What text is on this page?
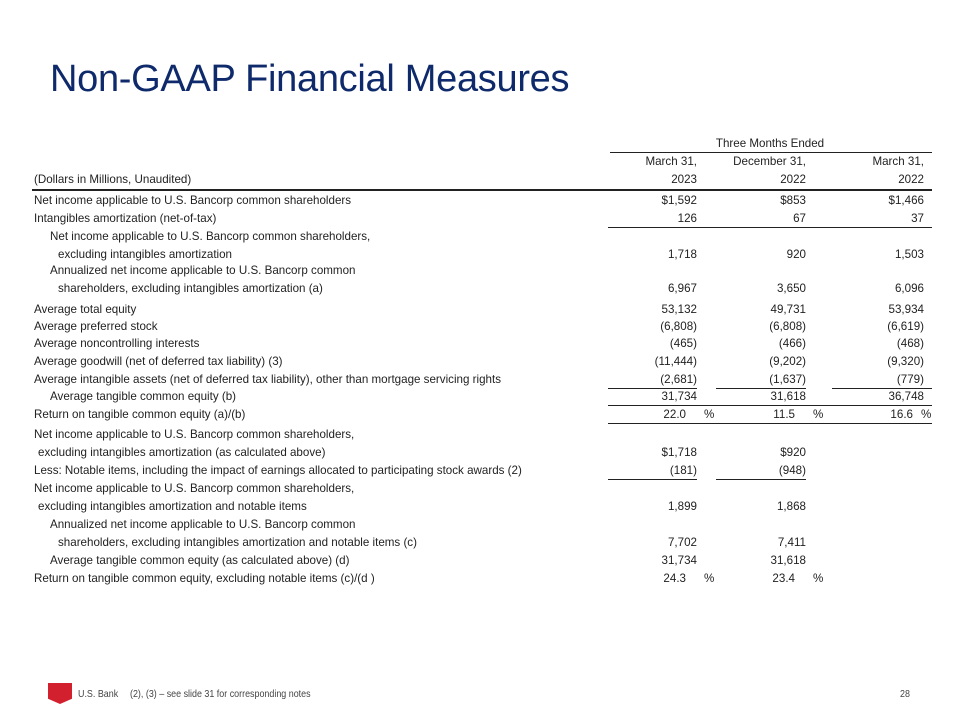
Non-GAAP Financial Measures
Three Months Ended
March 31,
2023
December 31,
2022
March 31,
2022
(Dollars in Millions, Unaudited)
Net income applicable to U.S. Bancorp common shareholders	$1,592	$853	$1,466
Intangibles amortization (net-of-tax)	126	67	37
Net income applicable to U.S. Bancorp common shareholders,
excluding intangibles amortization	1,718	920	1,503
Annualized net income applicable to U.S. Bancorp common
shareholders, excluding intangibles amortization (a)	6,967	3,650	6,096
Average total equity	53,132	49,731	53,934
Average preferred stock	(6,808)	(6,808)	(6,619)
Average noncontrolling interests	(465)	(466)	(468)
Average goodwill (net of deferred tax liability) (3)	(11,444)	(9,202)	(9,320)
Average intangible assets (net of deferred tax liability), other than mortgage servicing rights	(2,681)	(1,637)	(779)
Average tangible common equity (b)	31,734	31,618	36,748
Return on tangible common equity (a)/(b)	22.0 %	11.5 %	16.6 %
Net income applicable to U.S. Bancorp common shareholders,
excluding intangibles amortization (as calculated above)	$1,718	$920
Less: Notable items, including the impact of earnings allocated to participating stock awards (2)	(181)	(948)
Net income applicable to U.S. Bancorp common shareholders,
excluding intangibles amortization and notable items	1,899	1,868
Annualized net income applicable to U.S. Bancorp common
shareholders, excluding intangibles amortization and notable items (c)	7,702	7,411
Average tangible common equity (as calculated above) (d)	31,734	31,618
Return on tangible common equity, excluding notable items (c)/(d )	24.3 %	23.4 %
U.S. Bank (2), (3) – see slide 31 for corresponding notes	28
